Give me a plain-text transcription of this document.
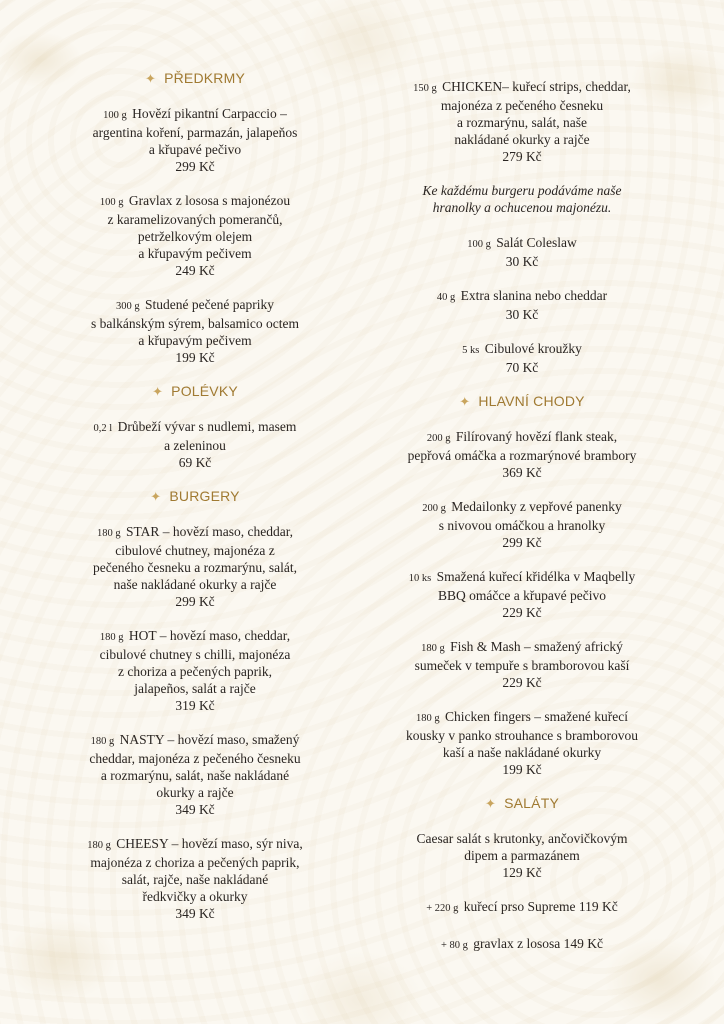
✦ PŘEDKRMY
100 g Hovězí pikantní Carpaccio –
argentina koření, parmazán, jalapeňos
a křupavé pečivo
299 Kč
100 g Gravlax z lososa s majonézou
z karamelizovaných pomerančů,
petrželkovým olejem
a křupavým pečivem
249 Kč
300 g Studené pečené papriky
s balkánským sýrem, balsamico octem
a křupavým pečivem
199 Kč
✦ POLÉVKY
0,2 l Drůbeží vývar s nudlemi, masem
a zeleninou
69 Kč
✦ BURGERY
180 g STAR – hovězí maso, cheddar,
cibulové chutney, majonéza z
pečeného česneku a rozmarýnu, salát,
naše nakládané okurky a rajče
299 Kč
180 g HOT – hovězí maso, cheddar,
cibulové chutney s chilli, majonéza
z choriza a pečených paprik,
jalapeños, salát a rajče
319 Kč
180 g NASTY – hovězí maso, smažený
cheddar, majonéza z pečeného česneku
a rozmarýnu, salát, naše nakládané
okurky a rajče
349 Kč
180 g CHEESY – hovězí maso, sýr niva,
majonéza z choriza a pečených paprik,
salát, rajče, naše nakládané
ředkvičky a okurky
349 Kč
150 g CHICKEN– kuřecí strips, cheddar,
majonéza z pečeného česneku
a rozmarýnu, salát, naše
nakládané okurky a rajče
279 Kč
Ke každému burgeru podáváme naše
hranolky a ochucenou majonézu.
100 g Salát Coleslaw
30 Kč
40 g Extra slanina nebo cheddar
30 Kč
5 ks Cibulové kroužky
70 Kč
✦ HLAVNÍ CHODY
200 g Filírovaný hovězí flank steak,
pepřová omáčka a rozmarýnové brambory
369 Kč
200 g Medailonky z vepřové panenky
s nivovou omáčkou a hranolky
299 Kč
10 ks Smažená kuřecí křidélka v Maqbelly
BBQ omáčce a křupavé pečivo
229 Kč
180 g Fish & Mash – smažený africký
sumeček v tempuře s bramborovou kaší
229 Kč
180 g Chicken fingers – smažené kuřecí
kousky v panko strouhance s bramborovou
kaší a naše nakládané okurky
199 Kč
✦ SALÁTY
Caesar salát s krutonky, ančovičkovým
dipem a parmazánem
129 Kč
+ 220 g kuřecí prso Supreme 119 Kč
+ 80 g gravlax z lososa 149 Kč
